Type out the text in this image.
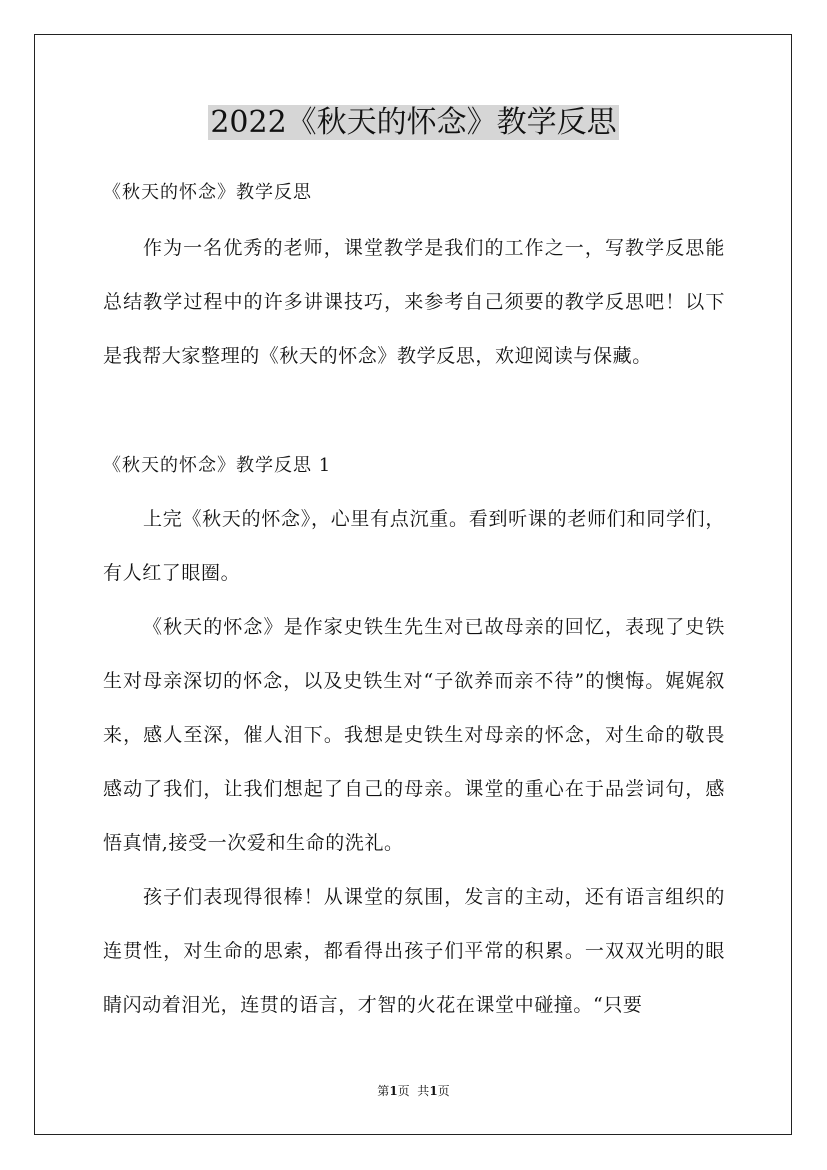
2022《秋天的怀念》教学反思
《秋天的怀念》教学反思

作为一名优秀的老师，课堂教学是我们的工作之一，写教学反思能总结教学过程中的许多讲课技巧，来参考自己须要的教学反思吧！以下是我帮大家整理的《秋天的怀念》教学反思，欢迎阅读与保藏。

《秋天的怀念》教学反思 1

上完《秋天的怀念》，心里有点沉重。看到听课的老师们和同学们，有人红了眼圈。

《秋天的怀念》是作家史铁生先生对已故母亲的回忆，表现了史铁生对母亲深切的怀念，以及史铁生对“子欲养而亲不待”的懊悔。娓娓叙来，感人至深，催人泪下。我想是史铁生对母亲的怀念，对生命的敬畏感动了我们，让我们想起了自己的母亲。课堂的重心在于品尝词句，感悟真情,接受一次爱和生命的洗礼。

孩子们表现得很棒！从课堂的氛围，发言的主动，还有语言组织的连贯性，对生命的思索，都看得出孩子们平常的积累。一双双光明的眼睛闪动着泪光，连贯的语言，才智的火花在课堂中碰撞。“只要

第1页  共1页
